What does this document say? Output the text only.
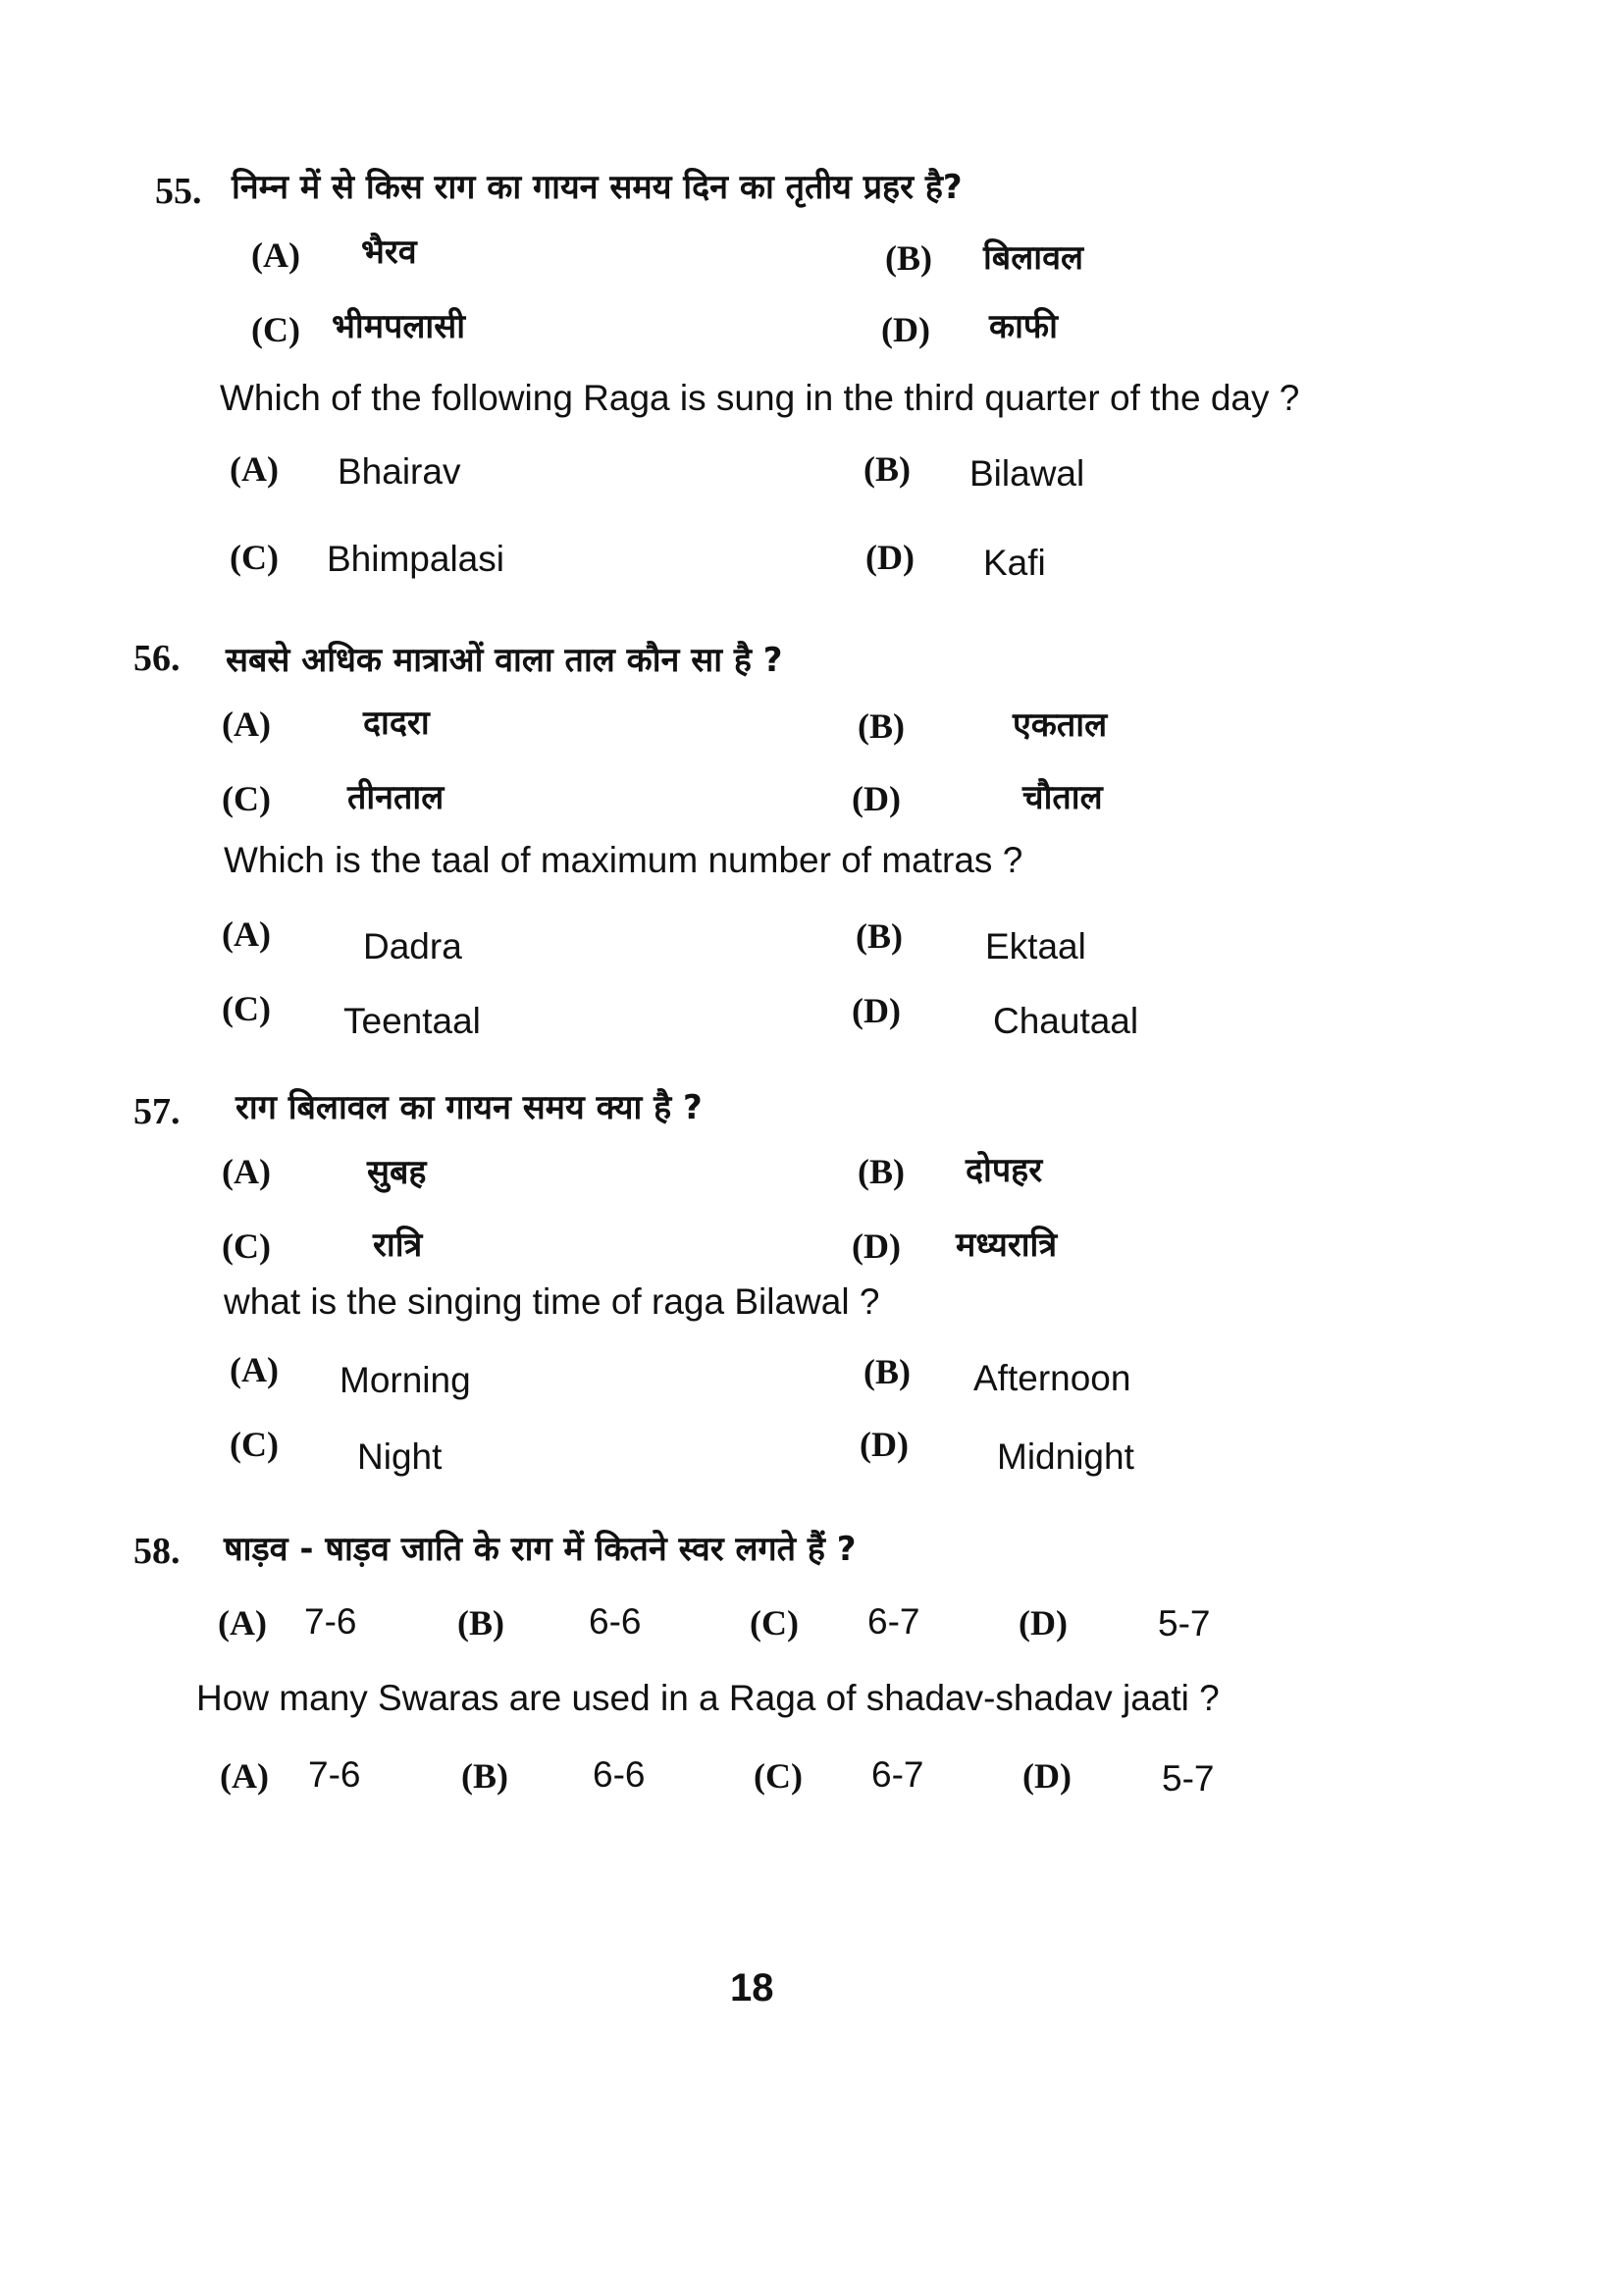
55. निम्न में से किस राग का गायन समय दिन का तृतीय प्रहर है?
(A) भैरव	(B) बिलावल
(C) भीमपलासी	(D) काफी
Which of the following Raga is sung in the third quarter of the day ?
(A) Bhairav	(B) Bilawal
(C) Bhimpalasi	(D) Kafi
56. सबसे अधिक मात्राओं वाला ताल कौन सा है ?
(A)	दादरा	(B)	एकताल
(C) तीनताल	(D)	चौताल
Which is the taal of maximum number of matras ?
(A)	Dadra	(B) Ektaal
(C) Teentaal	(D)	Chautaal
57. राग बिलावल का गायन समय क्या है ?
(A)	सुबह	(B) दोपहर
(C)	रात्रि	(D) मध्यरात्रि
what is the singing time of raga Bilawal ?
(A) Morning	(B) Afternoon
(C) Night	(D) Midnight
58. षाड़व - षाड़व जाति के राग में कितने स्वर लगते हैं ?
(A) 7-6	(B) 6-6	(C) 6-7	(D) 5-7
How many Swaras are used in a Raga of shadav-shadav jaati ?
(A) 7-6	(B) 6-6	(C) 6-7	(D) 5-7
18
